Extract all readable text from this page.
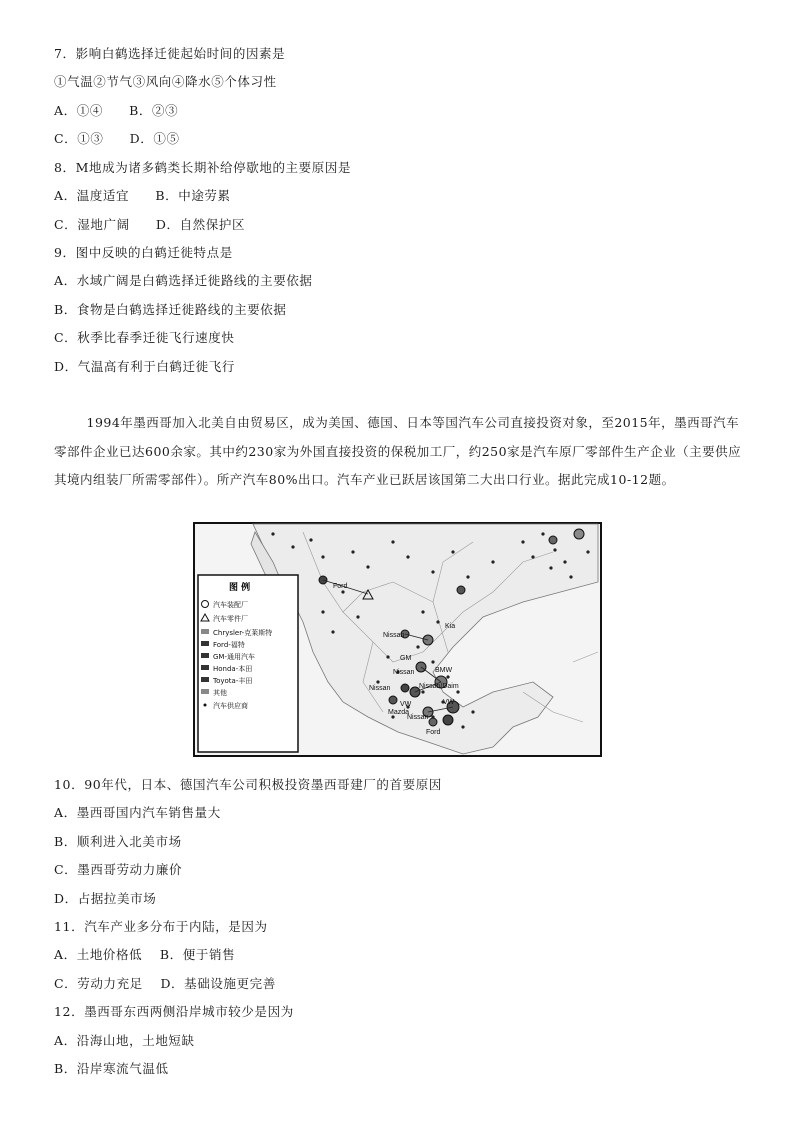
7．影响白鹤选择迁徙起始时间的因素是
①气温②节气③风向④降水⑤个体习性
A．①④　　B．②③
C．①③　　D．①⑤
8．M地成为诸多鹤类长期补给停歇地的主要原因是
A．温度适宜　　B．中途劳累
C．湿地广阔　　D．自然保护区
9．图中反映的白鹤迁徙特点是
A．水域广阔是白鹤选择迁徙路线的主要依据
B．食物是白鹤选择迁徙路线的主要依据
C．秋季比春季迁徙飞行速度快
D．气温高有利于白鹤迁徙飞行

1994年墨西哥加入北美自由贸易区，成为美国、德国、日本等国汽车公司直接投资对象，至2015年，墨西哥汽车零部件企业已达600余家。其中约230家为外国直接投资的保税加工厂，约250家是汽车原厂零部件生产企业（主要供应其境内组装厂所需零部件）。所产汽车80%出口。汽车产业已跃居该国第二大出口行业。据此完成10-12题。

Ford
Nissan
Kia
GM
Nissan	BMW
Nissan/Daim
Nissan
VW	VW
Mazda
Nissan
Ford
图 例
汽车装配厂
汽车零件厂
Chrysler-克莱斯特
Ford-福特
GM-通用汽车
Honda-本田
Toyota-丰田
其他
汽车供应商
10．90年代，日本、德国汽车公司积极投资墨西哥建厂的首要原因
A．墨西哥国内汽车销售量大
B．顺利进入北美市场
C．墨西哥劳动力廉价
D．占据拉美市场
11．汽车产业多分布于内陆，是因为
A．土地价格低　 B．便于销售
C．劳动力充足　 D．基础设施更完善
12．墨西哥东西两侧沿岸城市较少是因为
A．沿海山地，土地短缺
B．沿岸寒流气温低
